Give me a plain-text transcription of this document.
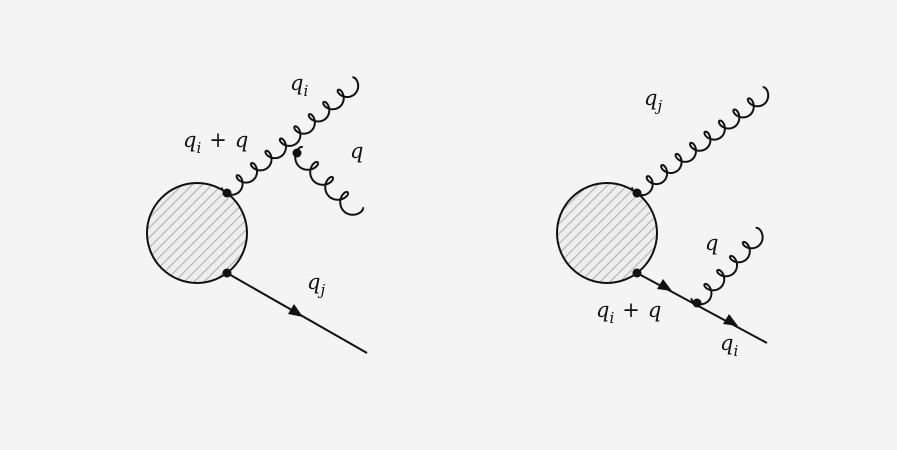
qi
qi + q	q
qj
qj
q
qi + q
qi
